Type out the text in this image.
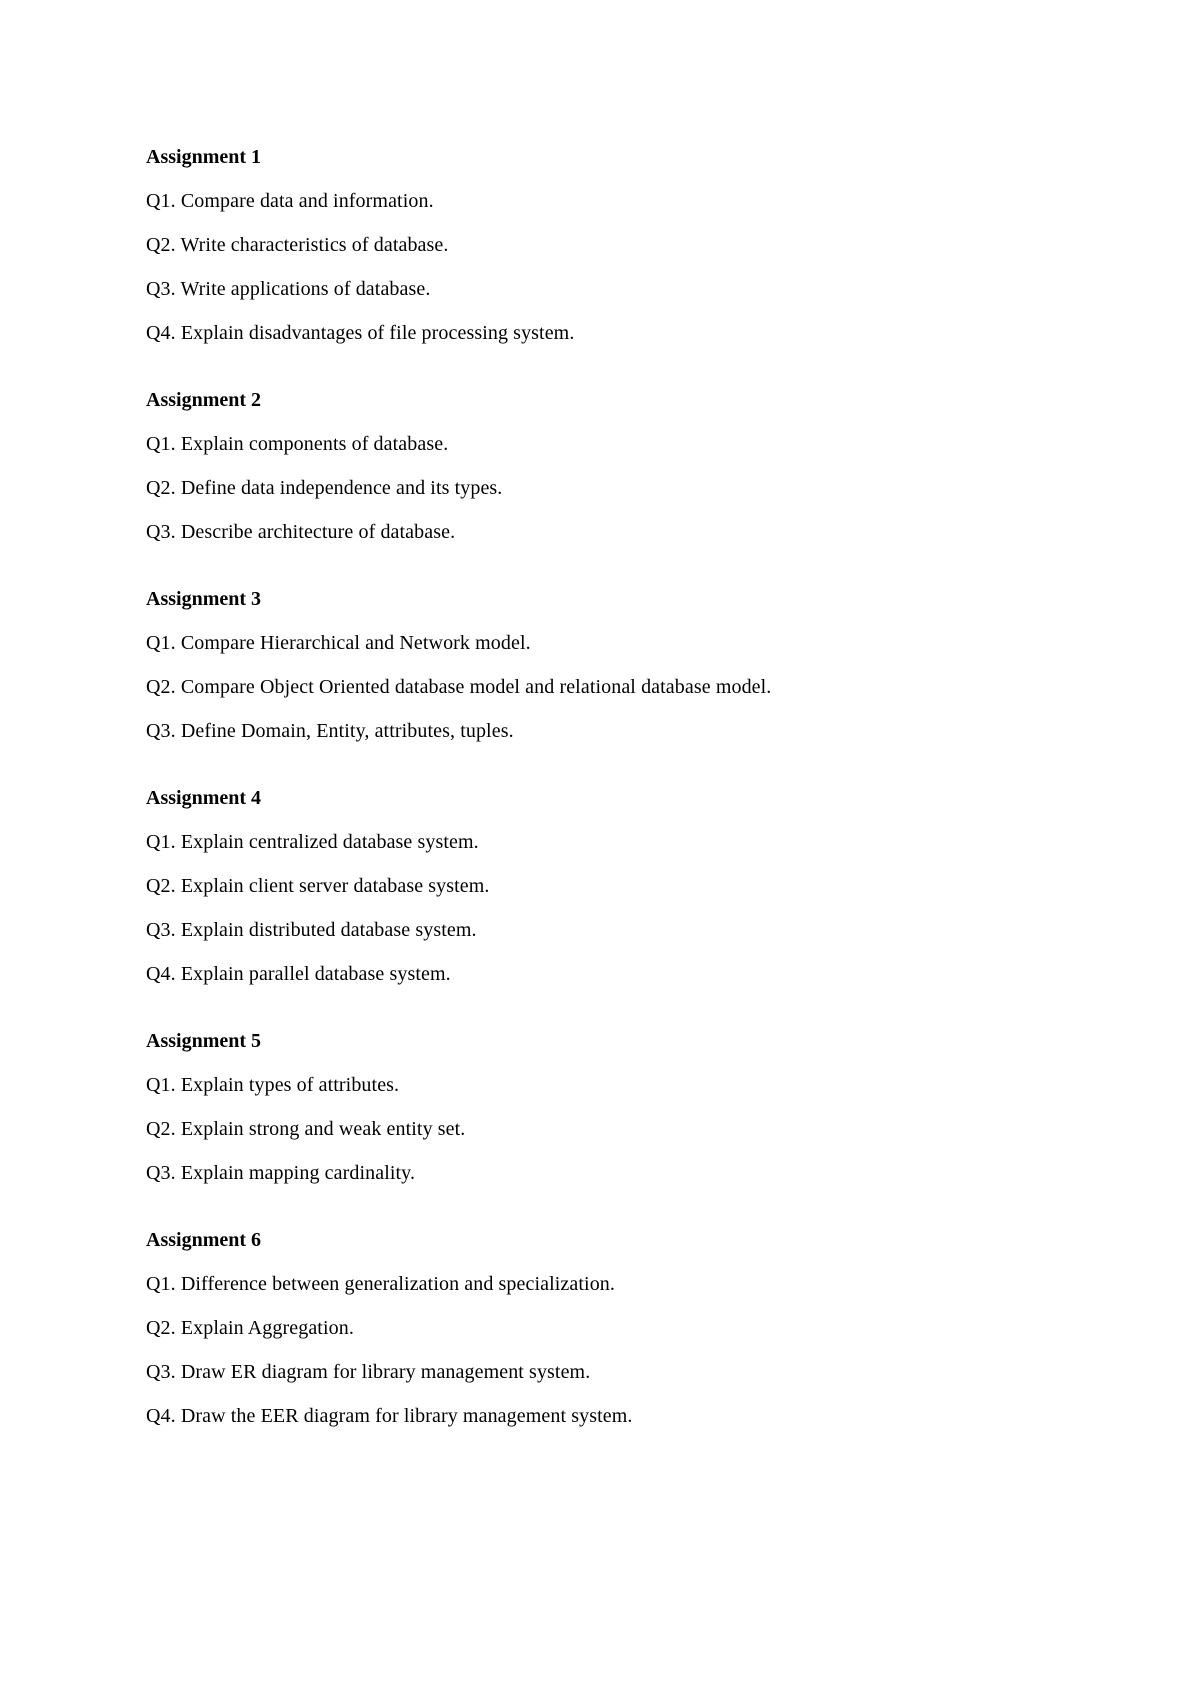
Assignment 1
Q1. Compare data and information.
Q2. Write characteristics of database.
Q3. Write applications of database.
Q4. Explain disadvantages of file processing system.
Assignment 2
Q1. Explain components of database.
Q2. Define data independence and its types.
Q3. Describe architecture of database.
Assignment 3
Q1. Compare Hierarchical and Network model.
Q2. Compare Object Oriented database model and relational database model.
Q3. Define Domain, Entity, attributes, tuples.
Assignment 4
Q1. Explain centralized database system.
Q2. Explain client server database system.
Q3. Explain distributed database system.
Q4. Explain parallel database system.
Assignment 5
Q1. Explain types of attributes.
Q2. Explain strong and weak entity set.
Q3. Explain mapping cardinality.
Assignment 6
Q1. Difference between generalization and specialization.
Q2. Explain Aggregation.
Q3. Draw ER diagram for library management system.
Q4. Draw the EER diagram for library management system.
